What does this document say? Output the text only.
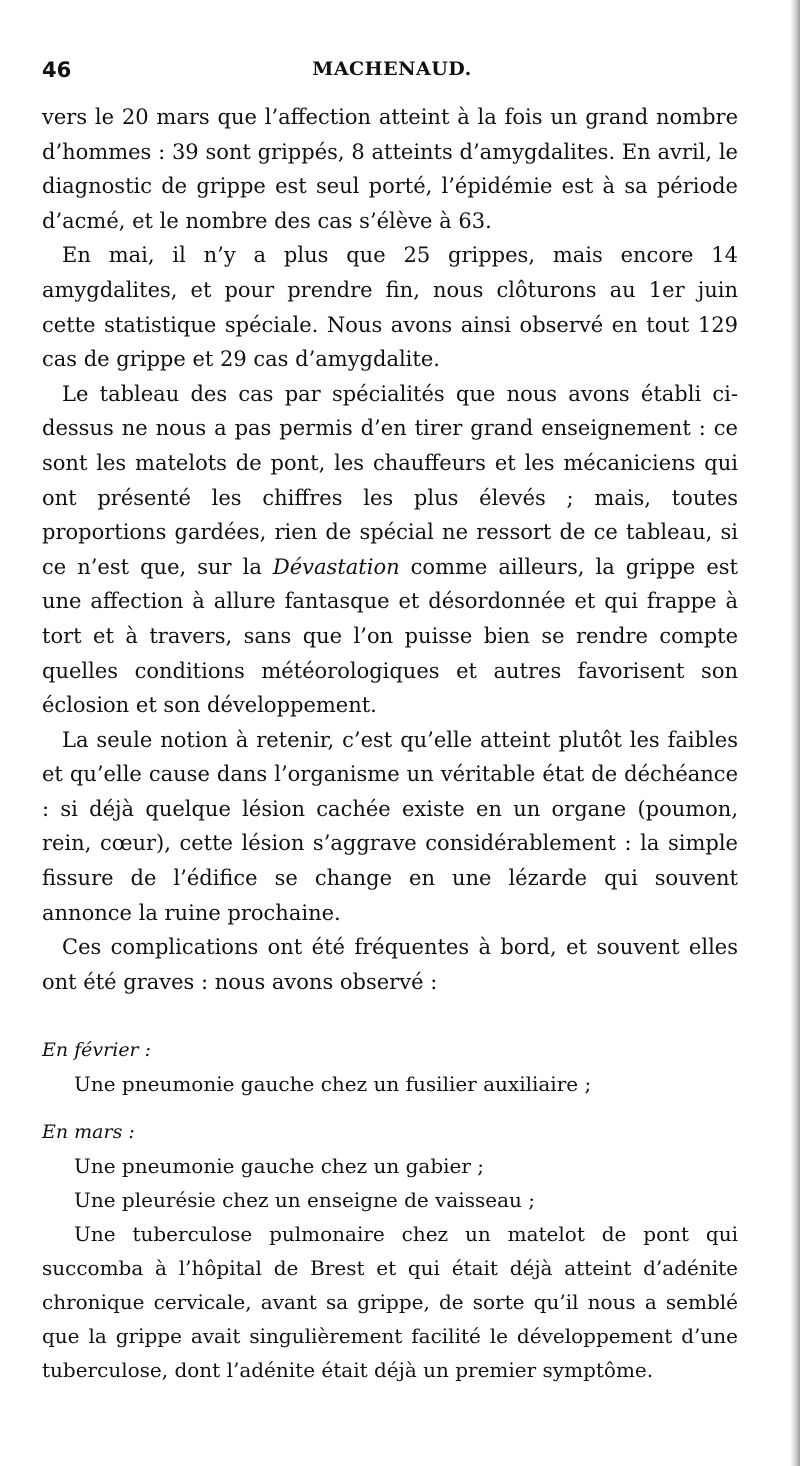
46	MACHENAUD.

vers le 20 mars que l’affection atteint à la fois un grand nombre d’hommes : 39 sont grippés, 8 atteints d’amygdalites. En avril, le diagnostic de grippe est seul porté, l’épidémie est à sa période d’acmé, et le nombre des cas s’élève à 63.

En mai, il n’y a plus que 25 grippes, mais encore 14 amygdalites, et pour prendre fin, nous clôturons au 1er juin cette statistique spéciale. Nous avons ainsi observé en tout 129 cas de grippe et 29 cas d’amygdalite.

Le tableau des cas par spécialités que nous avons établi ci-dessus ne nous a pas permis d’en tirer grand enseignement : ce sont les matelots de pont, les chauffeurs et les mécaniciens qui ont présenté les chiffres les plus élevés ; mais, toutes proportions gardées, rien de spécial ne ressort de ce tableau, si ce n’est que, sur la Dévastation comme ailleurs, la grippe est une affection à allure fantasque et désordonnée et qui frappe à tort et à travers, sans que l’on puisse bien se rendre compte quelles conditions météorologiques et autres favorisent son éclosion et son développement.

La seule notion à retenir, c’est qu’elle atteint plutôt les faibles et qu’elle cause dans l’organisme un véritable état de déchéance : si déjà quelque lésion cachée existe en un organe (poumon, rein, cœur), cette lésion s’aggrave considérablement : la simple fissure de l’édifice se change en une lézarde qui souvent annonce la ruine prochaine.

Ces complications ont été fréquentes à bord, et souvent elles ont été graves : nous avons observé :

En février :

Une pneumonie gauche chez un fusilier auxiliaire ;

En mars :

Une pneumonie gauche chez un gabier ;

Une pleurésie chez un enseigne de vaisseau ;

Une tuberculose pulmonaire chez un matelot de pont qui succomba à l’hôpital de Brest et qui était déjà atteint d’adénite chronique cervicale, avant sa grippe, de sorte qu’il nous a semblé que la grippe avait singulièrement facilité le développement d’une tuberculose, dont l’adénite était déjà un premier symptôme.
